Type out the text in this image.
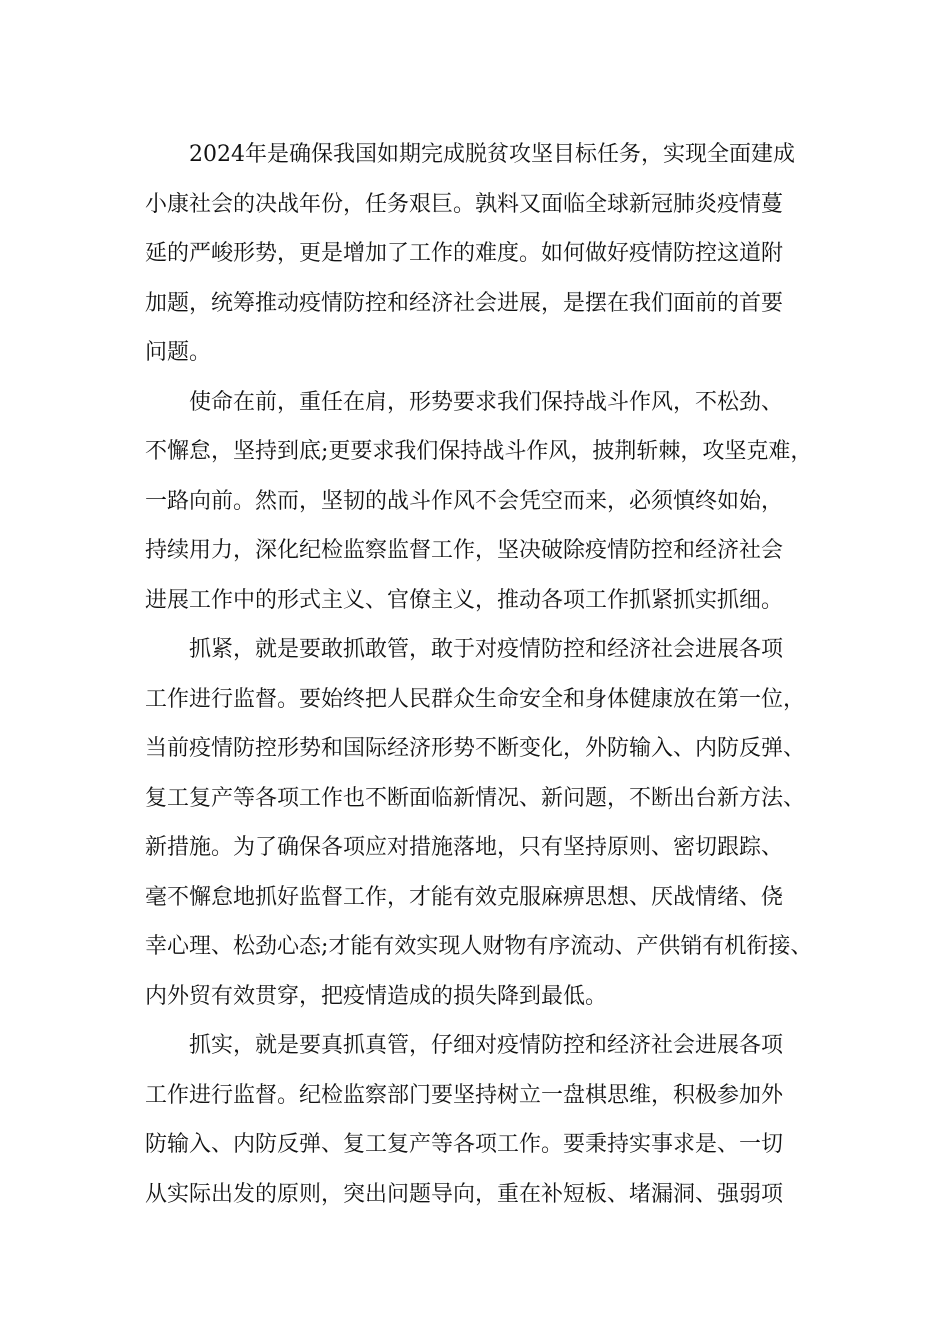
2024年是确保我国如期完成脱贫攻坚目标任务，实现全面建成
小康社会的决战年份，任务艰巨。孰料又面临全球新冠肺炎疫情蔓
延的严峻形势，更是增加了工作的难度。如何做好疫情防控这道附
加题，统筹推动疫情防控和经济社会进展，是摆在我们面前的首要
问题。
使命在前，重任在肩，形势要求我们保持战斗作风，不松劲、
不懈怠，坚持到底;更要求我们保持战斗作风，披荆斩棘，攻坚克难，
一路向前。然而，坚韧的战斗作风不会凭空而来，必须慎终如始，
持续用力，深化纪检监察监督工作，坚决破除疫情防控和经济社会
进展工作中的形式主义、官僚主义，推动各项工作抓紧抓实抓细。
抓紧，就是要敢抓敢管，敢于对疫情防控和经济社会进展各项
工作进行监督。要始终把人民群众生命安全和身体健康放在第一位，
当前疫情防控形势和国际经济形势不断变化，外防输入、内防反弹、
复工复产等各项工作也不断面临新情况、新问题，不断出台新方法、
新措施。为了确保各项应对措施落地，只有坚持原则、密切跟踪、
毫不懈怠地抓好监督工作，才能有效克服麻痹思想、厌战情绪、侥
幸心理、松劲心态;才能有效实现人财物有序流动、产供销有机衔接、
内外贸有效贯穿，把疫情造成的损失降到最低。
抓实，就是要真抓真管，仔细对疫情防控和经济社会进展各项
工作进行监督。纪检监察部门要坚持树立一盘棋思维，积极参加外
防输入、内防反弹、复工复产等各项工作。要秉持实事求是、一切
从实际出发的原则，突出问题导向，重在补短板、堵漏洞、强弱项
